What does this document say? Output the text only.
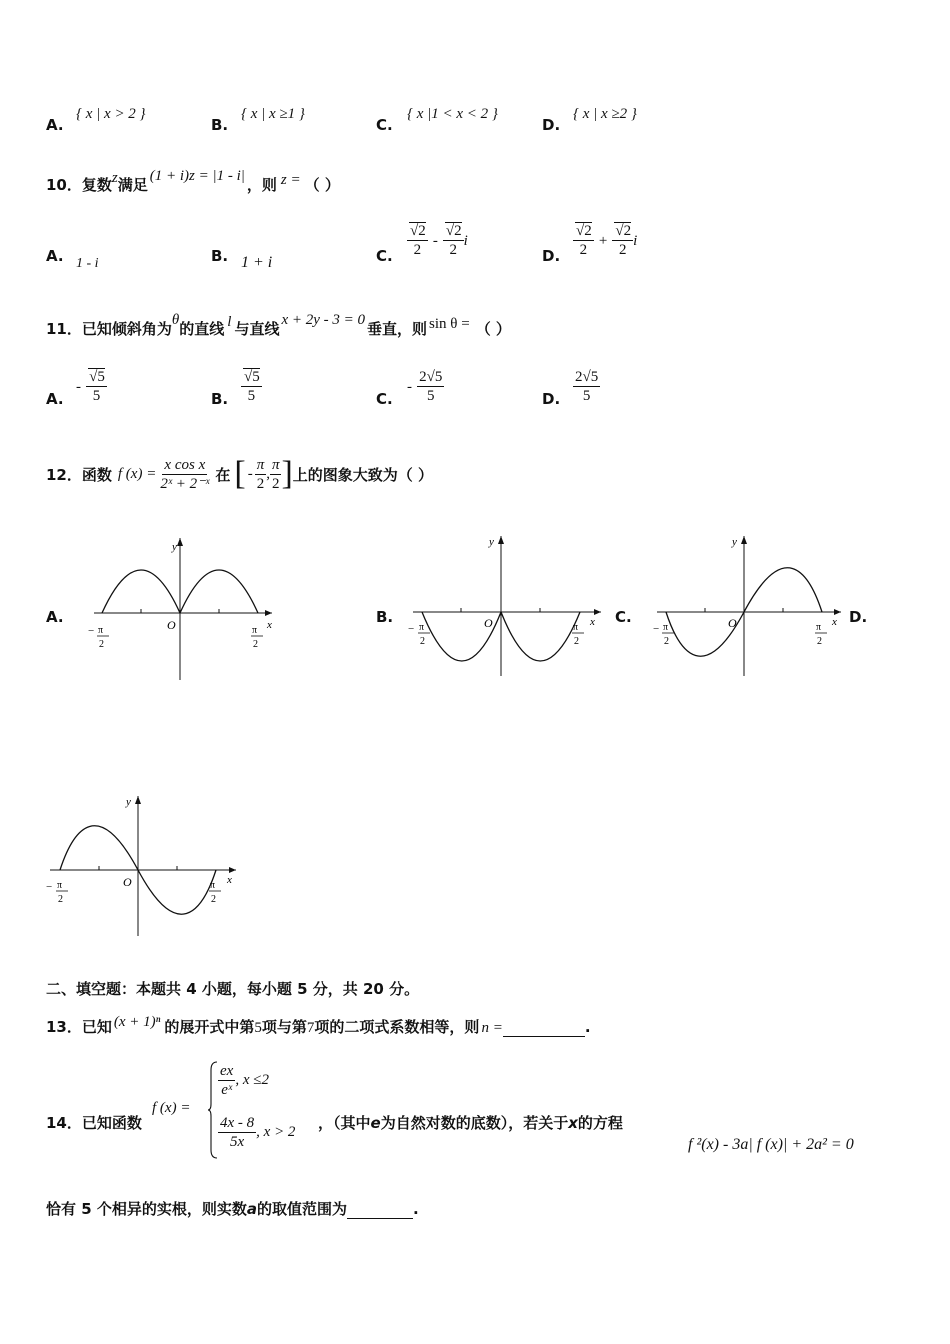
A.
{ x | x > 2 }
B.
{ x | x ≥1 }
C.
{ x |1 < x < 2 }
D.
{ x | x ≥2 }
10．复数z满足 (1 + i)z = |1 - i| ，则 z = （ ）
A. 1 - i	B. 1 + i	C. $\frac{√2}{2} - \frac{√2}{2}$ i
D. $\frac{√2}{2} + \frac{√2}{2}$ i
11．已知倾斜角为θ的直线 l 与直线 x + 2y - 3 = 0 垂直，则 sin θ = （ ）
A.
- $\frac{√5}{5}$	B. $\frac{√5}{5}$	C.
- $\frac{2√5}{5}$	D. $\frac{2√5}{5}$
12． 函数 f $(x) = \frac{\text{x cos x}}{\text{2ˣ + 2⁻ˣ}}$ 在 [ - $\frac{\pi}{2}$ , $\frac{\pi}{2}$ ] 上的图象大致为（ ）
A.	B.	C.	D.
y
x
O
− π
2
π
2
y
x
O
− π
2
π
2
y
x
O
− π
2
π
2
y
x
O
− π
2
π
2
二、填空题：本题共 4 小题，每小题 5 分，共 20 分。
13．已知 (x + 1)ⁿ 的展开式中第5项与第7项的二项式系数相等，则 n =	.
14．已知函数
f (x) =
$\frac{ex}{\text{eˣ}}$ , x ≤2
$\frac{4x - 8}{5x}$ , x > 2 ，（其中e为自然对数的底数），若关于x的方程
f ²(x) - 3a| f (x)| + 2a² = 0
恰有 5 个相异的实根，则实数a的取值范围为	.
